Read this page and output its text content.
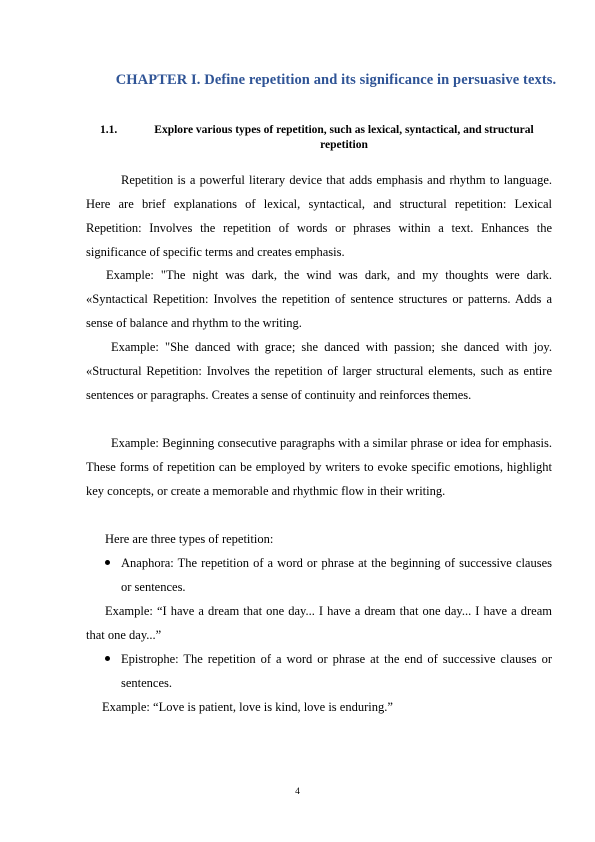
CHAPTER I. Define repetition and its significance in persuasive texts.
1.1.	Explore various types of repetition, such as lexical, syntactical, and structural repetition

Repetition is a powerful literary device that adds emphasis and rhythm to language. Here are brief explanations of lexical, syntactical, and structural repetition: Lexical Repetition: Involves the repetition of words or phrases within a text. Enhances the significance of specific terms and creates emphasis.

Example: "The night was dark, the wind was dark, and my thoughts were dark. «Syntactical Repetition: Involves the repetition of sentence structures or patterns. Adds a sense of balance and rhythm to the writing.

Example: "She danced with grace; she danced with passion; she danced with joy. «Structural Repetition: Involves the repetition of larger structural elements, such as entire sentences or paragraphs. Creates a sense of continuity and reinforces themes.

Example: Beginning consecutive paragraphs with a similar phrase or idea for emphasis. These forms of repetition can be employed by writers to evoke specific emotions, highlight key concepts, or create a memorable and rhythmic flow in their writing.

Here are three types of repetition:

Anaphora: The repetition of a word or phrase at the beginning of successive clauses or sentences.

Example: “I have a dream that one day... I have a dream that one day... I have a dream that one day...”

Epistrophe: The repetition of a word or phrase at the end of successive clauses or sentences.

Example: “Love is patient, love is kind, love is enduring.”

4
